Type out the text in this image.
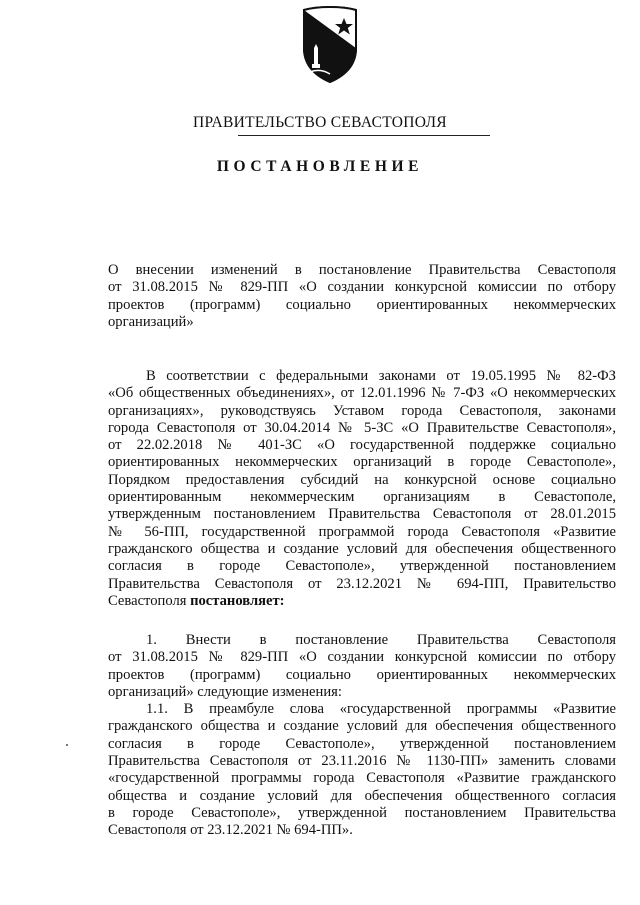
ПРАВИТЕЛЬСТВО СЕВАСТОПОЛЯ
ПОСТАНОВЛЕНИЕ
О внесении изменений в постановление Правительства Севастополя
от 31.08.2015 № 829-ПП «О создании конкурсной комиссии по отбору
проектов (программ) социально ориентированных некоммерческих
организаций»
В соответствии с федеральными законами от 19.05.1995 № 82-ФЗ
«Об общественных объединениях», от 12.01.1996 № 7-ФЗ «О некоммерческих
организациях», руководствуясь Уставом города Севастополя, законами
города Севастополя от 30.04.2014 № 5-ЗС «О Правительстве Севастополя»,
от 22.02.2018 № 401-ЗС «О государственной поддержке социально
ориентированных некоммерческих организаций в городе Севастополе»,
Порядком предоставления субсидий на конкурсной основе социально
ориентированным некоммерческим организациям в Севастополе,
утвержденным постановлением Правительства Севастополя от 28.01.2015
№ 56-ПП, государственной программой города Севастополя «Развитие
гражданского общества и создание условий для обеспечения общественного
согласия в городе Севастополе», утвержденной постановлением
Правительства Севастополя от 23.12.2021 № 694-ПП, Правительство
Севастополя постановляет:
1. Внести в постановление Правительства Севастополя
от 31.08.2015 № 829-ПП «О создании конкурсной комиссии по отбору
проектов (программ) социально ориентированных некоммерческих
организаций» следующие изменения:
1.1. В преамбуле слова «государственной программы «Развитие
гражданского общества и создание условий для обеспечения общественного
согласия в городе Севастополе», утвержденной постановлением
Правительства Севастополя от 23.11.2016 № 1130-ПП» заменить словами
«государственной программы города Севастополя «Развитие гражданского
общества и создание условий для обеспечения общественного согласия
в городе Севастополе», утвержденной постановлением Правительства
Севастополя от 23.12.2021 № 694-ПП».
